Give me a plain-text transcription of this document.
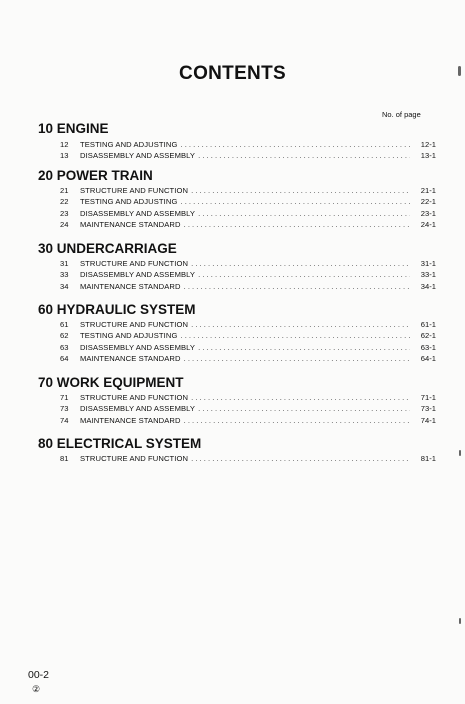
CONTENTS
No. of page
10 ENGINE
12	TESTING AND ADJUSTING . . .	12-1
13	DISASSEMBLY AND ASSEMBLY . . .	13-1
20 POWER TRAIN
21	STRUCTURE AND FUNCTION . . .	21-1
22	TESTING AND ADJUSTING . . .	22-1
23	DISASSEMBLY AND ASSEMBLY . . .	23-1
24	MAINTENANCE STANDARD . . .	24-1
30 UNDERCARRIAGE
31	STRUCTURE AND FUNCTION . . .	31-1
33	DISASSEMBLY AND ASSEMBLY . . .	33-1
34	MAINTENANCE STANDARD . . .	34-1
60 HYDRAULIC SYSTEM
61	STRUCTURE AND FUNCTION . . .	61-1
62	TESTING AND ADJUSTING . . .	62-1
63	DISASSEMBLY AND ASSEMBLY . . .	63-1
64	MAINTENANCE STANDARD . . .	64-1
70 WORK EQUIPMENT
71	STRUCTURE AND FUNCTION . . .	71-1
73	DISASSEMBLY AND ASSEMBLY . . .	73-1
74	MAINTENANCE STANDARD . . .	74-1
80 ELECTRICAL SYSTEM
81	STRUCTURE AND FUNCTION . . .	81-1
00-2
②
